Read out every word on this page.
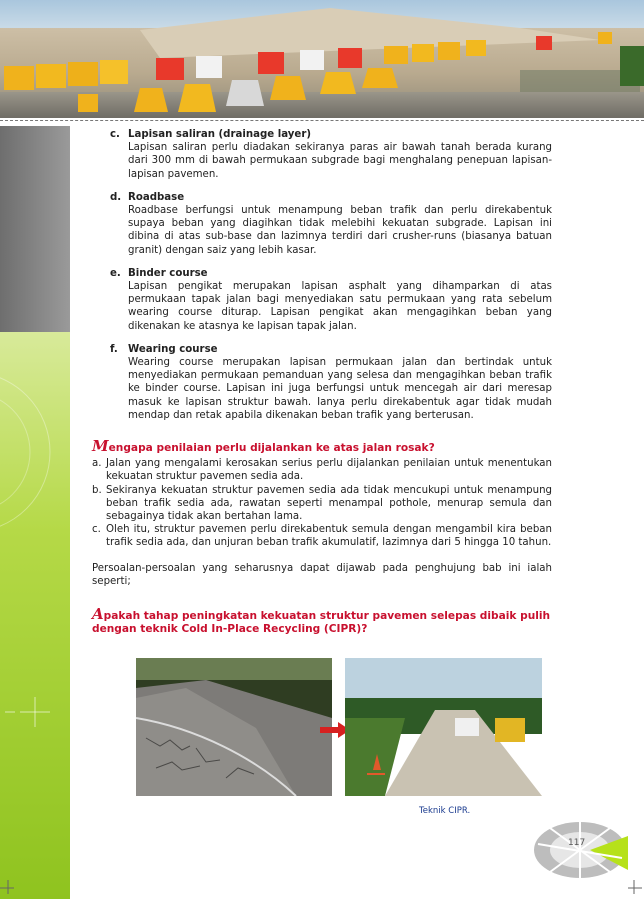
c. Lapisan saliran (drainage layer)
Lapisan saliran perlu diadakan sekiranya paras air bawah tanah berada kurang dari 300 mm di bawah permukaan subgrade bagi menghalang penepuan lapisan-lapisan pavemen.
d. Roadbase
Roadbase berfungsi untuk menampung beban trafik dan perlu direkabentuk supaya beban yang diagihkan tidak melebihi kekuatan subgrade. Lapisan ini dibina di atas sub-base dan lazimnya terdiri dari crusher-runs (biasanya batuan granit) dengan saiz yang lebih kasar.
e. Binder course
Lapisan pengikat merupakan lapisan asphalt yang dihamparkan di atas permukaan tapak jalan bagi menyediakan satu permukaan yang rata sebelum wearing course diturap. Lapisan pengikat akan mengagihkan beban yang dikenakan ke atasnya ke lapisan tapak jalan.
f.	Wearing course
Wearing course merupakan lapisan permukaan jalan dan bertindak untuk menyediakan permukaan pemanduan yang selesa dan mengagihkan beban trafik ke binder course. Lapisan ini juga berfungsi untuk mencegah air dari meresap masuk ke lapisan struktur bawah. Ianya perlu direkabentuk agar tidak mudah mendap dan retak apabila dikenakan beban trafik yang berterusan.
Mengapa penilaian perlu dijalankan ke atas jalan rosak?
a. Jalan yang mengalami kerosakan serius perlu dijalankan penilaian untuk menentukan kekuatan struktur pavemen sedia ada.
b. Sekiranya kekuatan struktur pavemen sedia ada tidak mencukupi untuk menampung beban trafik sedia ada, rawatan seperti menampal pothole, menurap semula dan sebagainya tidak akan bertahan lama.
c. Oleh itu, struktur pavemen perlu direkabentuk semula dengan mengambil kira beban trafik sedia ada, dan unjuran beban trafik akumulatif, lazimnya dari 5 hingga 10 tahun.
Persoalan-persoalan yang seharusnya dapat dijawab pada penghujung bab ini ialah seperti;
Apakah tahap peningkatan kekuatan struktur pavemen selepas dibaik pulih dengan teknik Cold In-Place Recycling (CIPR)?
Teknik CIPR.
117
